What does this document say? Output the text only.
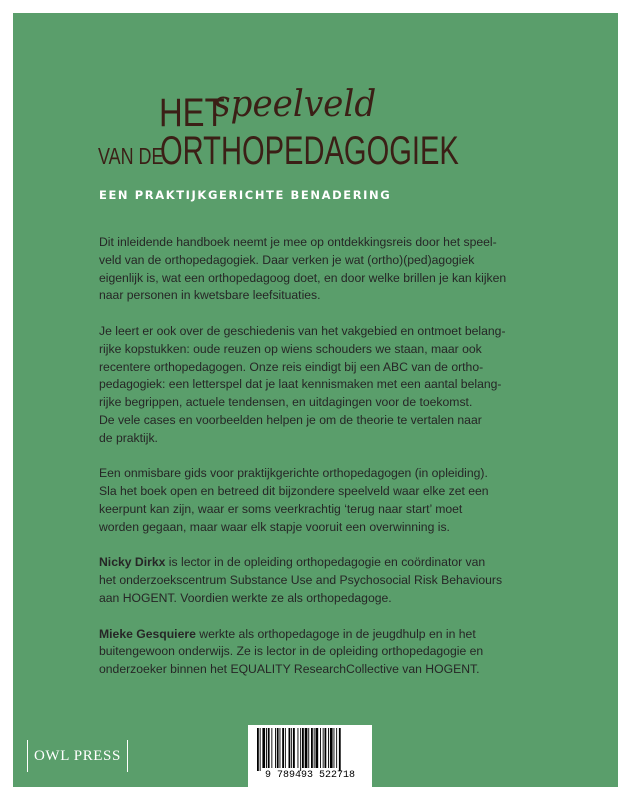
HET
speelveld
VAN DE
ORTHOPEDAGOGIEK
EEN PRAKTIJKGERICHTE BENADERING
Dit inleidende handboek neemt je mee op ontdekkingsreis door het speel-
veld van de orthopedagogiek. Daar verken je wat (ortho)(ped)agogiek
eigenlijk is, wat een orthopedagoog doet, en door welke brillen je kan kijken
naar personen in kwetsbare leefsituaties.
Je leert er ook over de geschiedenis van het vakgebied en ontmoet belang-
rijke kopstukken: oude reuzen op wiens schouders we staan, maar ook
recentere orthopedagogen. Onze reis eindigt bij een ABC van de ortho-
pedagogiek: een letterspel dat je laat kennismaken met een aantal belang-
rijke begrippen, actuele tendensen, en uitdagingen voor de toekomst.
De vele cases en voorbeelden helpen je om de theorie te vertalen naar
de praktijk.
Een onmisbare gids voor praktijkgerichte orthopedagogen (in opleiding).
Sla het boek open en betreed dit bijzondere speelveld waar elke zet een
keerpunt kan zijn, waar er soms veerkrachtig ‘terug naar start’ moet
worden gegaan, maar waar elk stapje vooruit een overwinning is.
Nicky Dirkx is lector in de opleiding orthopedagogie en coördinator van
het onderzoekscentrum Substance Use and Psychosocial Risk Behaviours
aan HOGENT. Voordien werkte ze als orthopedagoge.
Mieke Gesquiere werkte als orthopedagoge in de jeugdhulp en in het
buitengewoon onderwijs. Ze is lector in de opleiding orthopedagogie en
onderzoeker binnen het EQUALITY ResearchCollective van HOGENT.
OWL PRESS
9 789493 522718
